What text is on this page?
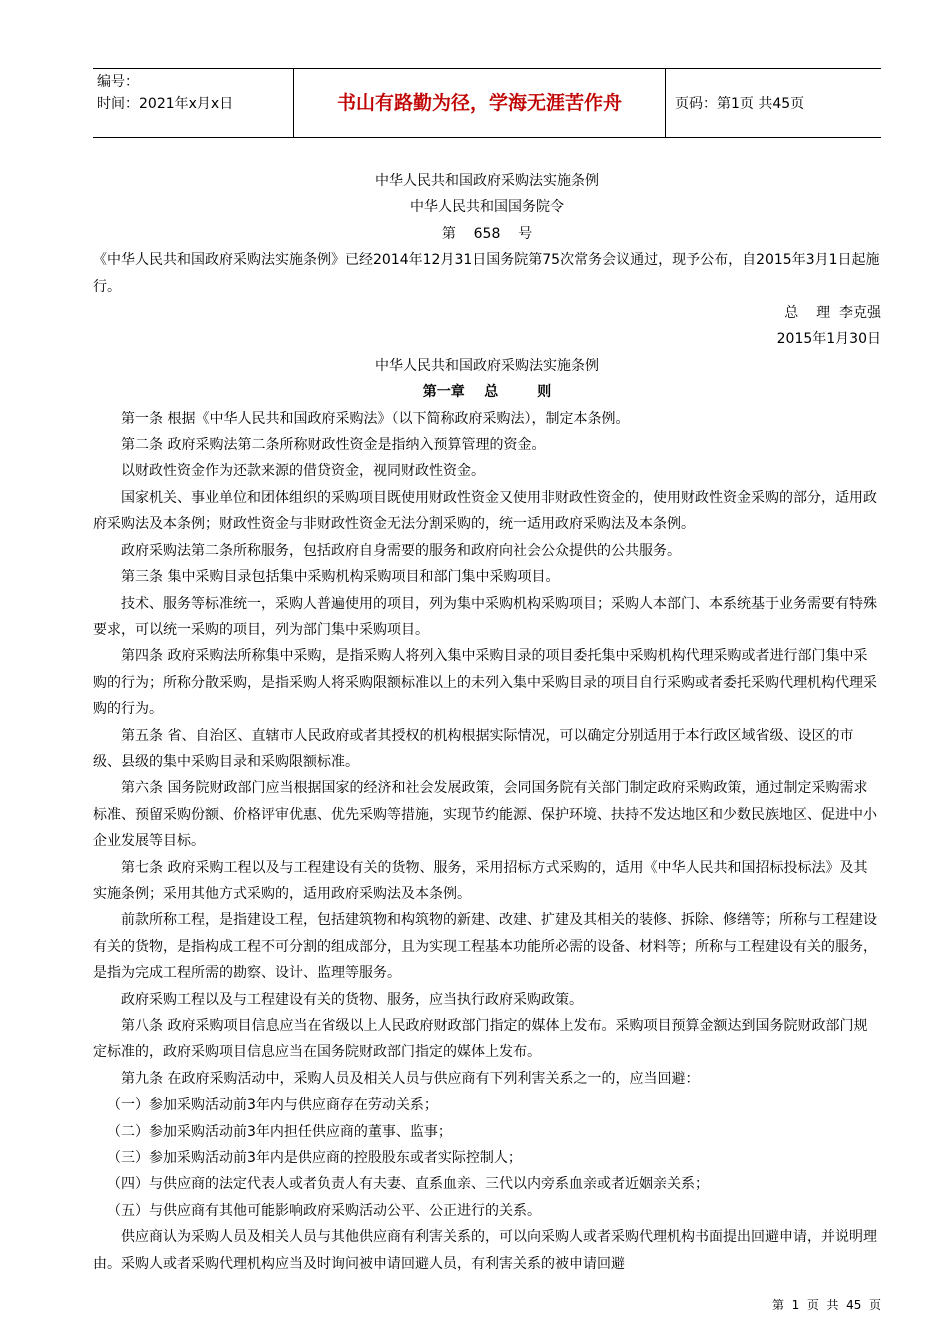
编号：
时间：2021年x月x日	书山有路勤为径，学海无涯苦作舟	页码：第1页 共45页

中华人民共和国政府采购法实施条例

中华人民共和国国务院令

第    658    号

《中华人民共和国政府采购法实施条例》已经2014年12月31日国务院第75次常务会议通过，现予公布，自2015年3月1日起施行。

总    理  李克强

2015年1月30日

中华人民共和国政府采购法实施条例

第一章    总        则

第一条 根据《中华人民共和国政府采购法》（以下简称政府采购法），制定本条例。

第二条 政府采购法第二条所称财政性资金是指纳入预算管理的资金。

以财政性资金作为还款来源的借贷资金，视同财政性资金。

国家机关、事业单位和团体组织的采购项目既使用财政性资金又使用非财政性资金的，使用财政性资金采购的部分，适用政府采购法及本条例；财政性资金与非财政性资金无法分割采购的，统一适用政府采购法及本条例。

政府采购法第二条所称服务，包括政府自身需要的服务和政府向社会公众提供的公共服务。

第三条 集中采购目录包括集中采购机构采购项目和部门集中采购项目。

技术、服务等标准统一，采购人普遍使用的项目，列为集中采购机构采购项目；采购人本部门、本系统基于业务需要有特殊要求，可以统一采购的项目，列为部门集中采购项目。

第四条 政府采购法所称集中采购，是指采购人将列入集中采购目录的项目委托集中采购机构代理采购或者进行部门集中采购的行为；所称分散采购，是指采购人将采购限额标准以上的未列入集中采购目录的项目自行采购或者委托采购代理机构代理采购的行为。

第五条 省、自治区、直辖市人民政府或者其授权的机构根据实际情况，可以确定分别适用于本行政区域省级、设区的市级、县级的集中采购目录和采购限额标准。

第六条 国务院财政部门应当根据国家的经济和社会发展政策，会同国务院有关部门制定政府采购政策，通过制定采购需求标准、预留采购份额、价格评审优惠、优先采购等措施，实现节约能源、保护环境、扶持不发达地区和少数民族地区、促进中小企业发展等目标。

第七条 政府采购工程以及与工程建设有关的货物、服务，采用招标方式采购的，适用《中华人民共和国招标投标法》及其实施条例；采用其他方式采购的，适用政府采购法及本条例。

前款所称工程，是指建设工程，包括建筑物和构筑物的新建、改建、扩建及其相关的装修、拆除、修缮等；所称与工程建设有关的货物，是指构成工程不可分割的组成部分，且为实现工程基本功能所必需的设备、材料等；所称与工程建设有关的服务，是指为完成工程所需的勘察、设计、监理等服务。

政府采购工程以及与工程建设有关的货物、服务，应当执行政府采购政策。

第八条 政府采购项目信息应当在省级以上人民政府财政部门指定的媒体上发布。采购项目预算金额达到国务院财政部门规定标准的，政府采购项目信息应当在国务院财政部门指定的媒体上发布。

第九条 在政府采购活动中，采购人员及相关人员与供应商有下列利害关系之一的，应当回避：

（一）参加采购活动前3年内与供应商存在劳动关系；

（二）参加采购活动前3年内担任供应商的董事、监事；

（三）参加采购活动前3年内是供应商的控股股东或者实际控制人；

（四）与供应商的法定代表人或者负责人有夫妻、直系血亲、三代以内旁系血亲或者近姻亲关系；

（五）与供应商有其他可能影响政府采购活动公平、公正进行的关系。

供应商认为采购人员及相关人员与其他供应商有利害关系的，可以向采购人或者采购代理机构书面提出回避申请，并说明理由。采购人或者采购代理机构应当及时询问被申请回避人员，有利害关系的被申请回避

第  1  页  共  45  页
